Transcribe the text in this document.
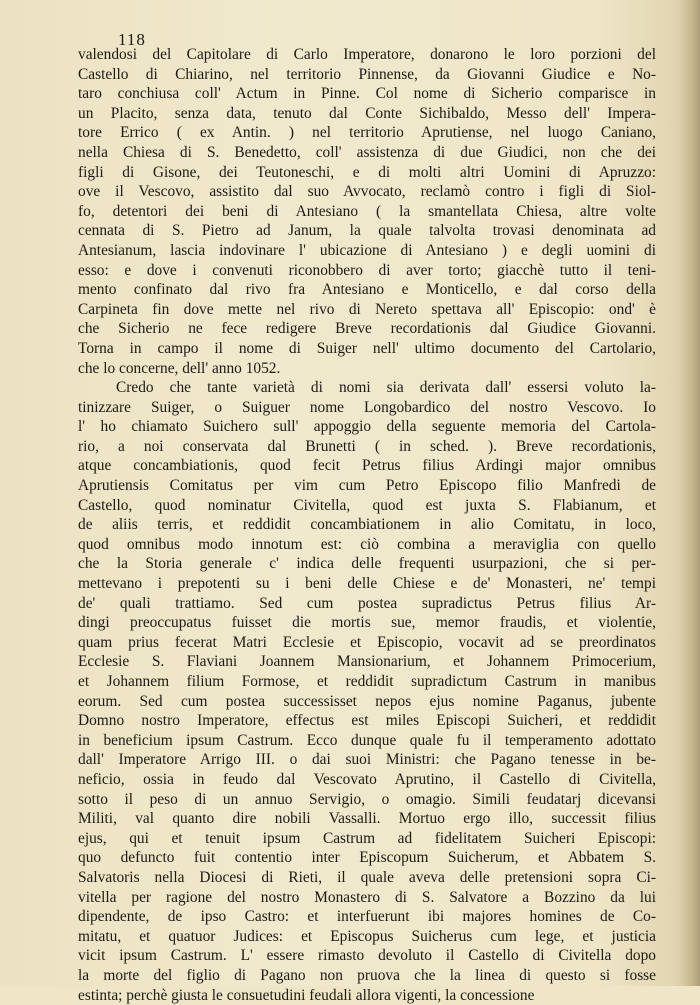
118
valendosi del Capitolare di Carlo Imperatore, donarono le loro porzioni del
Castello di Chiarino, nel territorio Pinnense, da Giovanni Giudice e No-
taro conchiusa coll' Actum in Pinne. Col nome di Sicherio comparisce in
un Placito, senza data, tenuto dal Conte Sichibaldo, Messo dell' Impera-
tore Errico ( ex Antin. ) nel territorio Aprutiense, nel luogo Caniano,
nella Chiesa di S. Benedetto, coll' assistenza di due Giudici, non che dei
figli di Gisone, dei Teutoneschi, e di molti altri Uomini di Apruzzo:
ove il Vescovo, assistito dal suo Avvocato, reclamò contro i figli di Siol-
fo, detentori dei beni di Antesiano ( la smantellata Chiesa, altre volte
cennata di S. Pietro ad Janum, la quale talvolta trovasi denominata ad
Antesianum, lascia indovinare l' ubicazione di Antesiano ) e degli uomini di
esso: e dove i convenuti riconobbero di aver torto; giacchè tutto il teni-
mento confinato dal rivo fra Antesiano e Monticello, e dal corso della
Carpineta fin dove mette nel rivo di Nereto spettava all' Episcopio: ond' è
che Sicherio ne fece redigere Breve recordationis dal Giudice Giovanni.
Torna in campo il nome di Suiger nell' ultimo documento del Cartolario,
che lo concerne, dell' anno 1052.
Credo che tante varietà di nomi sia derivata dall' essersi voluto la-
tinizzare Suiger, o Suiguer nome Longobardico del nostro Vescovo. Io
l' ho chiamato Suichero sull' appoggio della seguente memoria del Cartola-
rio, a noi conservata dal Brunetti ( in sched. ). Breve recordationis,
atque concambiationis, quod fecit Petrus filius Ardingi major omnibus
Aprutiensis Comitatus per vim cum Petro Episcopo filio Manfredi de
Castello, quod nominatur Civitella, quod est juxta S. Flabianum, et
de aliis terris, et reddidit concambiationem in alio Comitatu, in loco,
quod omnibus modo innotum est: ciò combina a meraviglia con quello
che la Storia generale c' indica delle frequenti usurpazioni, che si per-
mettevano i prepotenti su i beni delle Chiese e de' Monasteri, ne' tempi
de' quali trattiamo. Sed cum postea supradictus Petrus filius Ar-
dingi preoccupatus fuisset die mortis sue, memor fraudis, et violentie,
quam prius fecerat Matri Ecclesie et Episcopio, vocavit ad se preordinatos
Ecclesie S. Flaviani Joannem Mansionarium, et Johannem Primocerium,
et Johannem filium Formose, et reddidit supradictum Castrum in manibus
eorum. Sed cum postea successisset nepos ejus nomine Paganus, jubente
Domno nostro Imperatore, effectus est miles Episcopi Suicheri, et reddidit
in beneficium ipsum Castrum. Ecco dunque quale fu il temperamento adottato
dall' Imperatore Arrigo III. o dai suoi Ministri: che Pagano tenesse in be-
neficio, ossia in feudo dal Vescovato Aprutino, il Castello di Civitella,
sotto il peso di un annuo Servigio, o omagio. Simili feudatarj dicevansi
Militi, val quanto dire nobili Vassalli. Mortuo ergo illo, successit filius
ejus, qui et tenuit ipsum Castrum ad fidelitatem Suicheri Episcopi:
quo defuncto fuit contentio inter Episcopum Suicherum, et Abbatem S.
Salvatoris nella Diocesi di Rieti, il quale aveva delle pretensioni sopra Ci-
vitella per ragione del nostro Monastero di S. Salvatore a Bozzino da lui
dipendente, de ipso Castro: et interfuerunt ibi majores homines de Co-
mitatu, et quatuor Judices: et Episcopus Suicherus cum lege, et justicia
vicit ipsum Castrum. L' essere rimasto devoluto il Castello di Civitella dopo
la morte del figlio di Pagano non pruova che la linea di questo si fosse
estinta; perchè giusta le consuetudini feudali allora vigenti, la concessione
